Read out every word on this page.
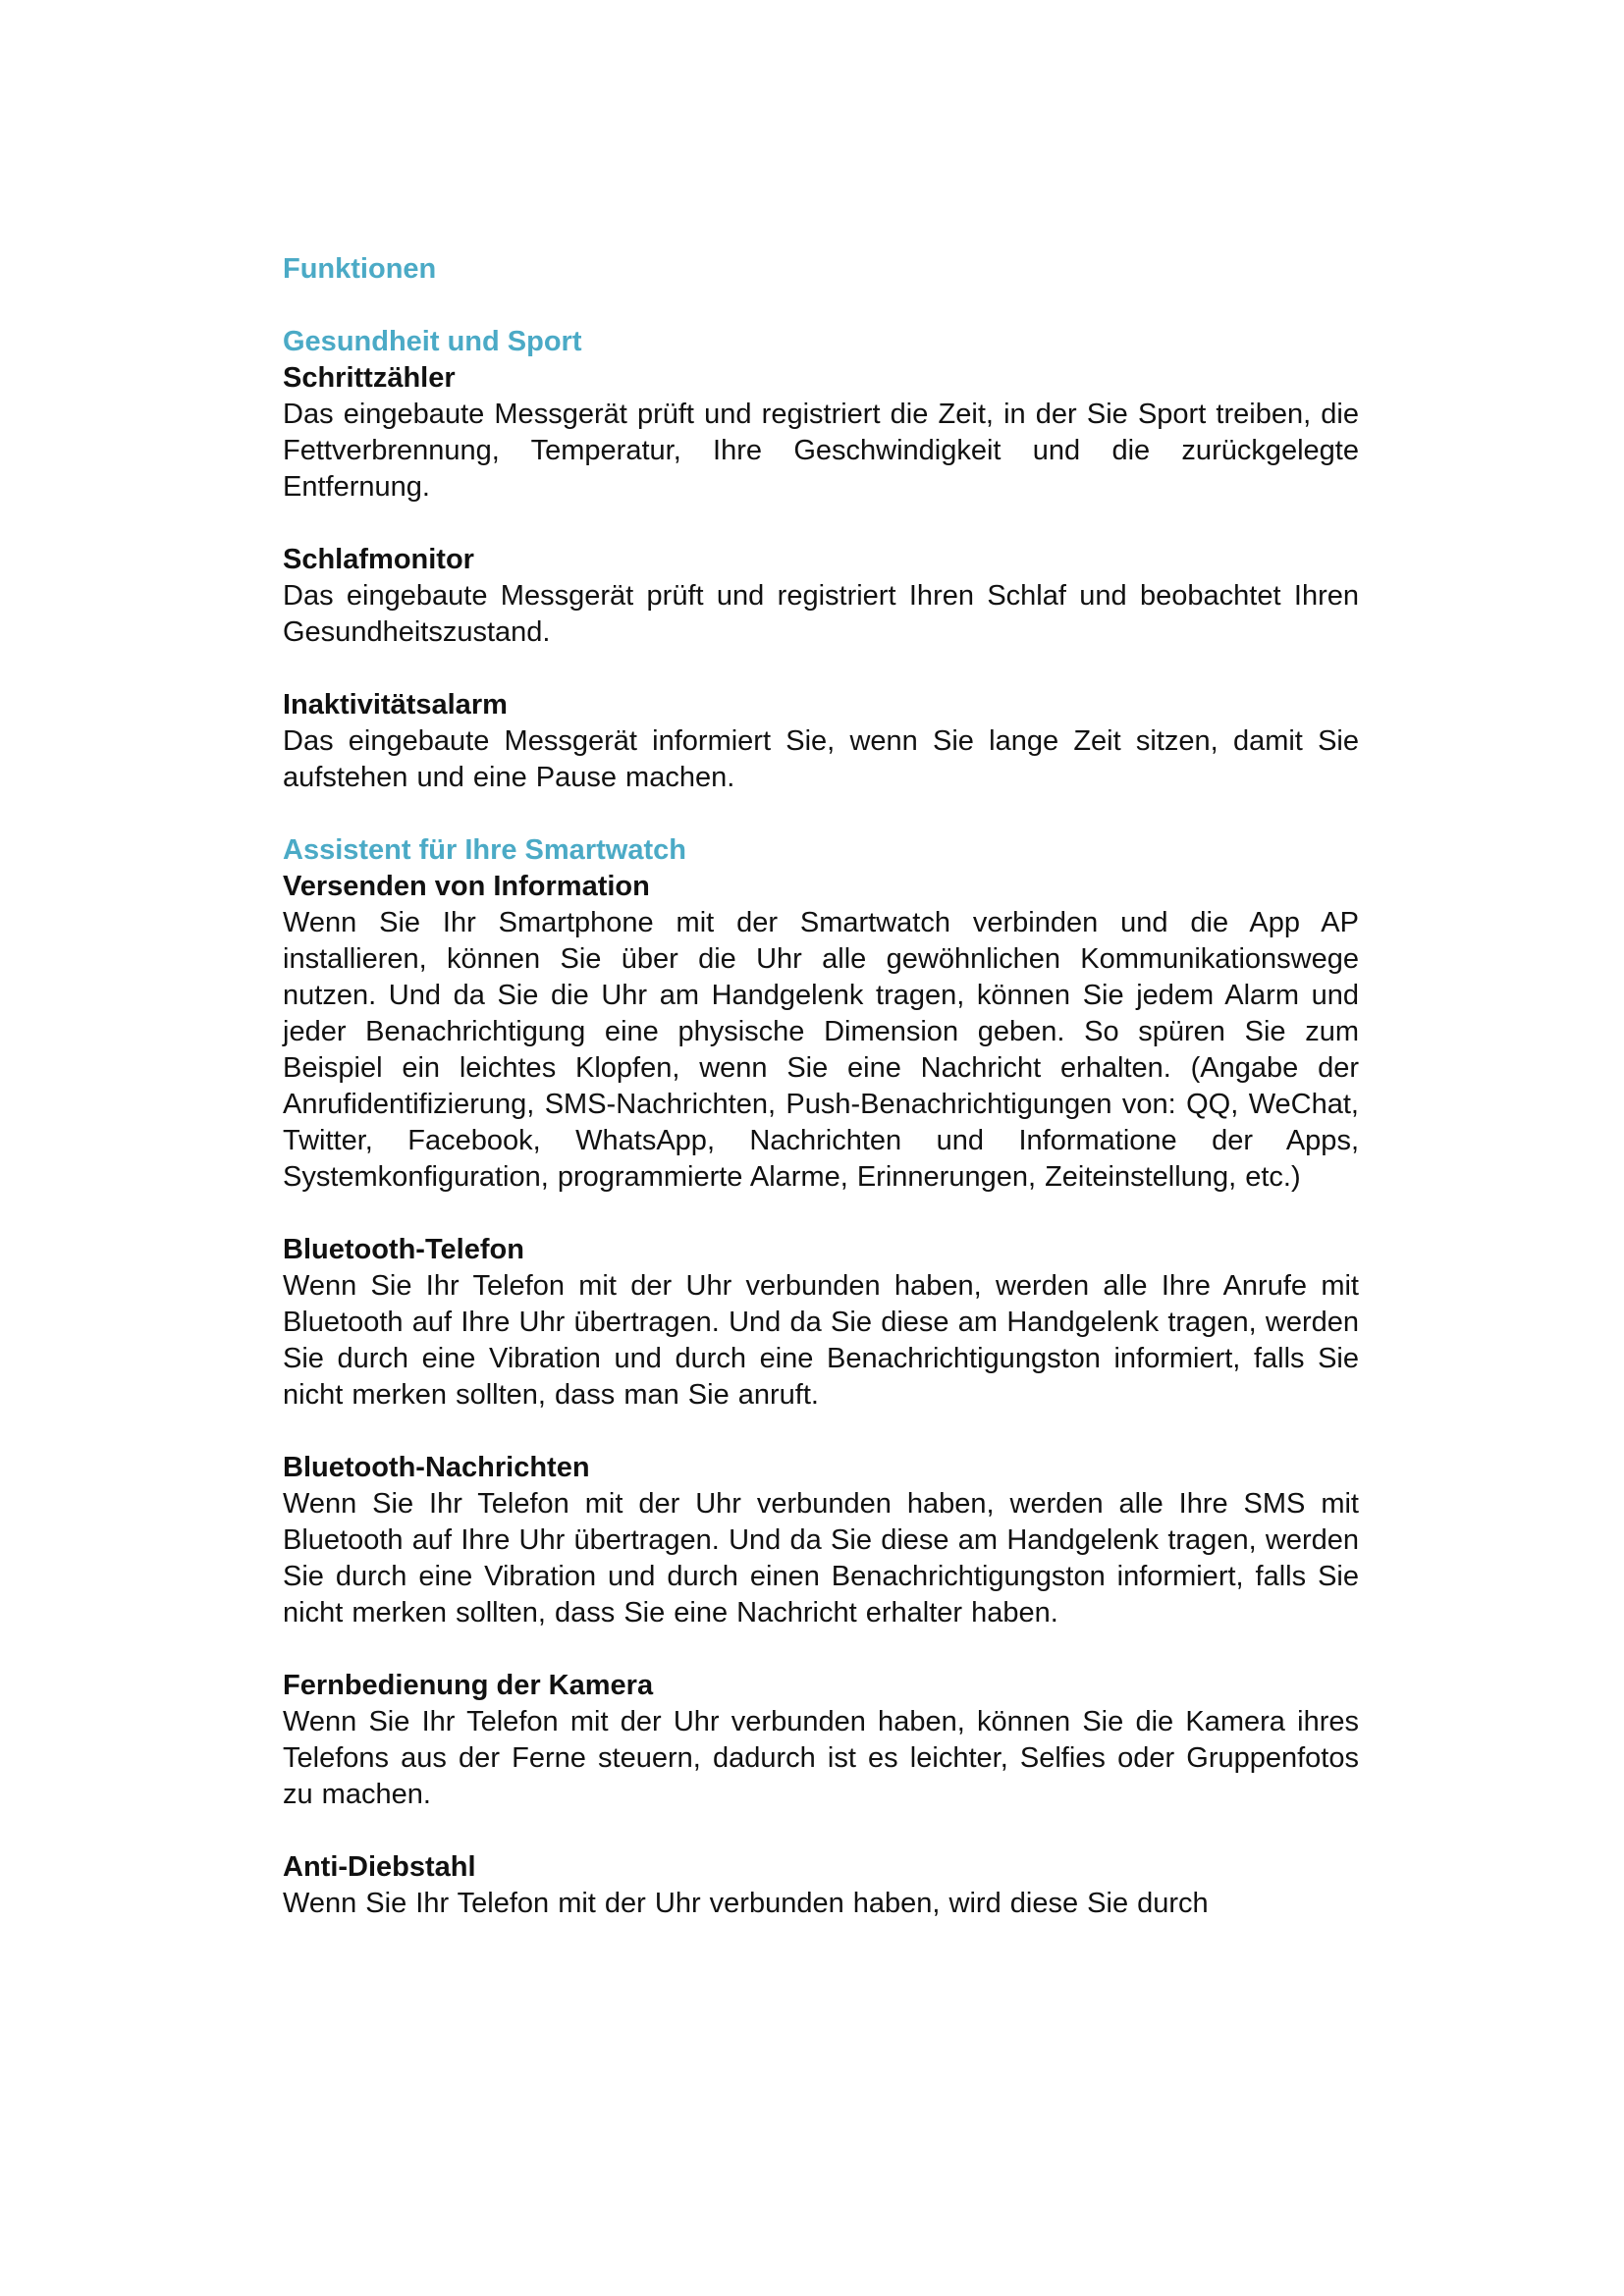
Funktionen
Gesundheit und Sport
Schrittzähler

Das eingebaute Messgerät prüft und registriert die Zeit, in der Sie Sport treiben, die Fettverbrennung, Temperatur, Ihre Geschwindigkeit und die zurückgelegte Entfernung.

Schlafmonitor

Das eingebaute Messgerät prüft und registriert Ihren Schlaf und beobachtet Ihren Gesundheitszustand.

Inaktivitätsalarm

Das eingebaute Messgerät informiert Sie, wenn Sie lange Zeit sitzen, damit Sie aufstehen und eine Pause machen.

Assistent für Ihre Smartwatch
Versenden von Information

Wenn Sie Ihr Smartphone mit der Smartwatch verbinden und die App AP installieren, können Sie über die Uhr alle gewöhnlichen Kommunikationswege nutzen. Und da Sie die Uhr am Handgelenk tragen, können Sie jedem Alarm und jeder Benachrichtigung eine physische Dimension geben. So spüren Sie zum Beispiel ein leichtes Klopfen, wenn Sie eine Nachricht erhalten. (Angabe der Anrufidentifizierung, SMS-Nachrichten, Push-Benachrichtigungen von: QQ, WeChat, Twitter, Facebook, WhatsApp, Nachrichten und Informatione der Apps, Systemkonfiguration, programmierte Alarme, Erinnerungen, Zeiteinstellung, etc.)

Bluetooth-Telefon

Wenn Sie Ihr Telefon mit der Uhr verbunden haben, werden alle Ihre Anrufe mit Bluetooth auf Ihre Uhr übertragen. Und da Sie diese am Handgelenk tragen, werden Sie durch eine Vibration und durch eine Benachrichtigungston informiert, falls Sie nicht merken sollten, dass man Sie anruft.

Bluetooth-Nachrichten

Wenn Sie Ihr Telefon mit der Uhr verbunden haben, werden alle Ihre SMS mit Bluetooth auf Ihre Uhr übertragen. Und da Sie diese am Handgelenk tragen, werden Sie durch eine Vibration und durch einen Benachrichtigungston informiert, falls Sie nicht merken sollten, dass Sie eine Nachricht erhalter haben.

Fernbedienung der Kamera

Wenn Sie Ihr Telefon mit der Uhr verbunden haben, können Sie die Kamera ihres Telefons aus der Ferne steuern, dadurch ist es leichter, Selfies oder Gruppenfotos zu machen.

Anti-Diebstahl

Wenn Sie Ihr Telefon mit der Uhr verbunden haben, wird diese Sie durch
